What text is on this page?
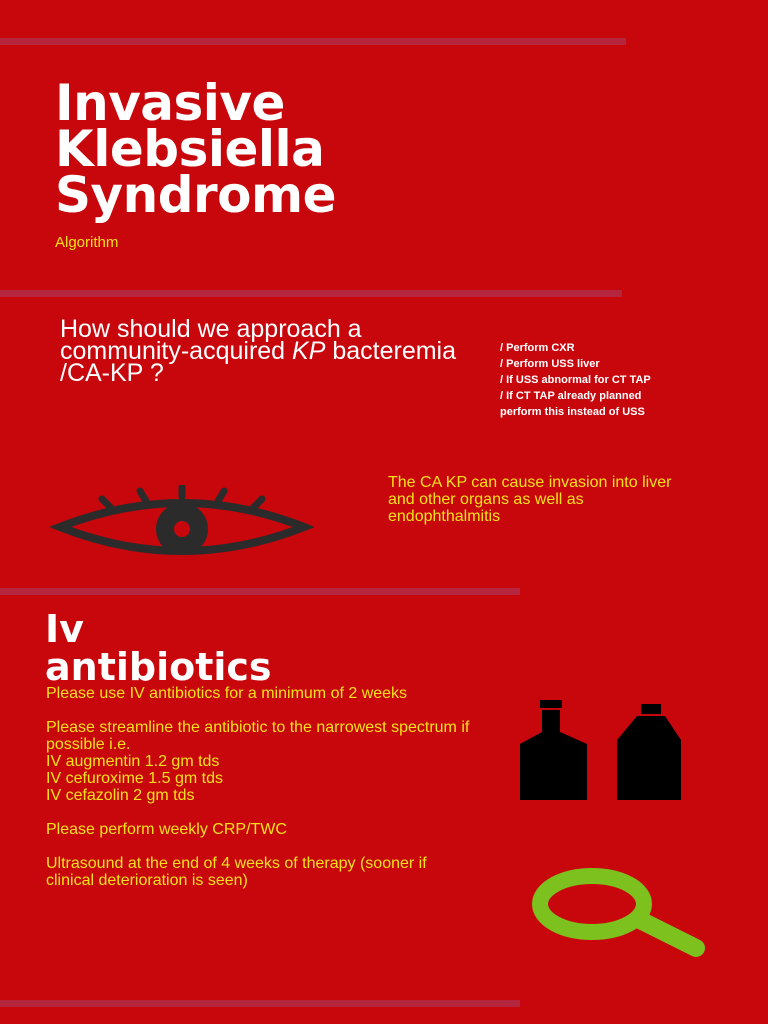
Invasive
Klebsiella
Syndrome
Algorithm
How should we approach a community-acquired KP bacteremia /CA-KP ?
/ Perform CXR
/ Perform USS liver
/ If USS abnormal for CT TAP
/ If CT TAP already planned
perform this instead of USS
The CA KP can cause invasion into liver and other organs as well as endophthalmitis
Iv
antibiotics

Please use IV antibiotics for a minimum of 2 weeks

Please streamline the antibiotic to the narrowest spectrum if possible i.e.
IV augmentin 1.2 gm tds
IV cefuroxime 1.5 gm tds
IV cefazolin 2 gm tds

Please perform weekly CRP/TWC

Ultrasound at the end of 4 weeks of therapy (sooner if clinical deterioration is seen)
